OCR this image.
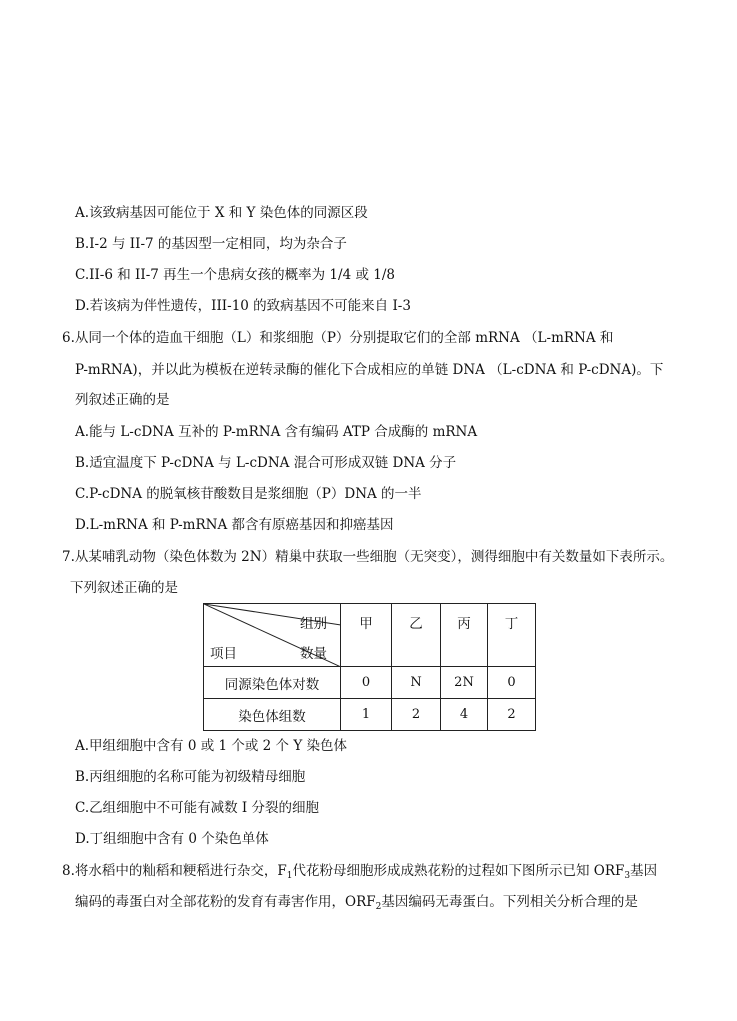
A.该致病基因可能位于 X 和 Y 染色体的同源区段
B.I-2 与 II-7 的基因型一定相同，均为杂合子
C.II-6 和 II-7 再生一个患病女孩的概率为 1/4 或 1/8
D.若该病为伴性遗传，III-10 的致病基因不可能来自 I-3
6.从同一个体的造血干细胞（L）和浆细胞（P）分别提取它们的全部 mRNA （L-mRNA 和
P-mRNA)，并以此为模板在逆转录酶的催化下合成相应的单链 DNA （L-cDNA 和 P-cDNA)。下
列叙述正确的是
A.能与 L-cDNA 互补的 P-mRNA 含有编码 ATP 合成酶的 mRNA
B.适宜温度下 P-cDNA 与 L-cDNA 混合可形成双链 DNA 分子
C.P-cDNA 的脱氧核苷酸数目是浆细胞（P）DNA 的一半
D.L-mRNA 和 P-mRNA 都含有原癌基因和抑癌基因
7.从某哺乳动物（染色体数为 2N）精巢中获取一些细胞（无突变），测得细胞中有关数量如下表所示。
下列叙述正确的是
组别
数量
项目	甲	乙	丙	丁
同源染色体对数	0	N	2N	0
染色体组数	1	2	4	2
A.甲组细胞中含有 0 或 1 个或 2 个 Y 染色体
B.丙组细胞的名称可能为初级精母细胞
C.乙组细胞中不可能有减数 I 分裂的细胞
D.丁组细胞中含有 0 个染色单体
8.将水稻中的籼稻和粳稻进行杂交，$F_1$代花粉母细胞形成成熟花粉的过程如下图所示已知 $ORF_3$基因
编码的毒蛋白对全部花粉的发育有毒害作用，$ORF_2$基因编码无毒蛋白。下列相关分析合理的是
